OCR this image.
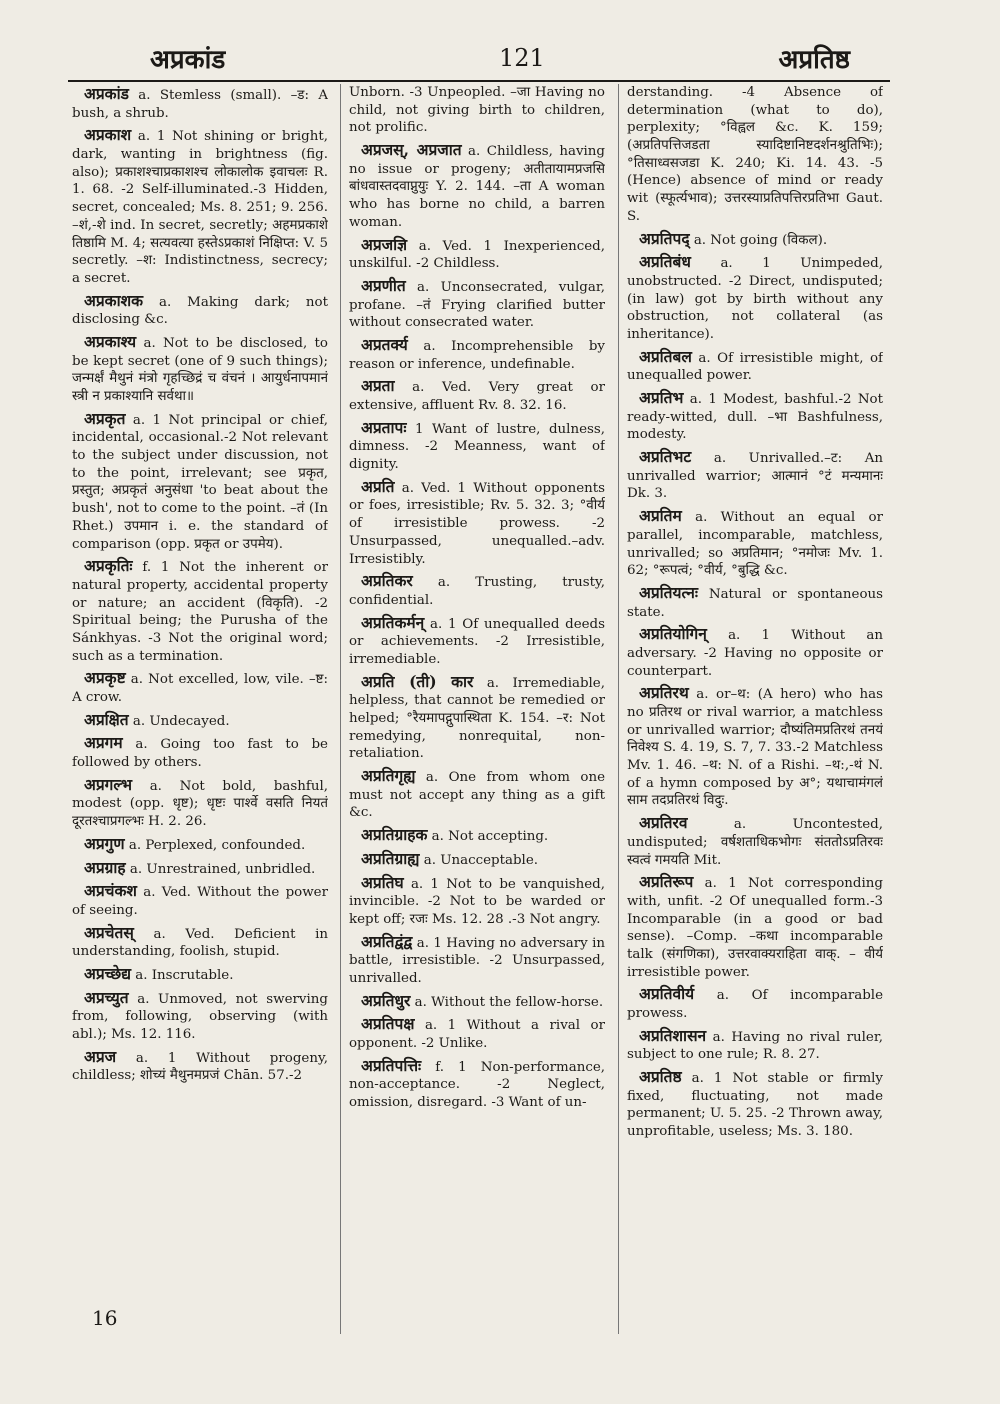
अप्रकांड	121	अप्रतिष्ठ

अप्रकांड a. Stemless (small). –ड: A bush, a shrub.

अप्रकाश a. 1 Not shining or bright, dark, wanting in brightness (fig. also); प्रकाशश्चाप्रकाशश्च लोकालोक इवाचलः R. 1. 68. -2 Self-illuminated.-3 Hidden, secret, concealed; Ms. 8. 251; 9. 256. –शं,-शे ind. In secret, secretly; अहमप्रकाशे तिष्ठामि M. 4; सत्यवत्या हस्तेऽप्रकाशं निक्षिप्त: V. 5 secretly. –श: Indistinctness, secrecy; a secret.

अप्रकाशक a. Making dark; not disclosing &c.

अप्रकाश्य a. Not to be disclosed, to be kept secret (one of 9 such things); जन्मर्क्षं मैथुनं मंत्रो गृहच्छिद्रं च वंचनं । आयुर्धनापमानं स्त्री न प्रकाश्यानि सर्वथा॥

अप्रकृत a. 1 Not principal or chief, incidental, occasional.-2 Not relevant to the subject under discussion, not to the point, irrelevant; see प्रकृत, प्रस्तुत; अप्रकृतं अनुसंधा 'to beat about the bush', not to come to the point. –तं (In Rhet.) उपमान i. e. the standard of comparison (opp. प्रकृत or उपमेय).

अप्रकृतिः f. 1 Not the inherent or natural property, accidental property or nature; an accident (विकृति). -2 Spiritual being; the Purusha of the Sánkhyas. -3 Not the original word; such as a termination.

अप्रकृष्ट a. Not excelled, low, vile. –ष्ट: A crow.

अप्रक्षित a. Undecayed.

अप्रगम a. Going too fast to be followed by others.

अप्रगल्भ a. Not bold, bashful, modest (opp. धृष्ट); धृष्टः पार्श्वे वसति नियतं दूरतश्चाप्रगल्भः H. 2. 26.

अप्रगुण a. Perplexed, confounded.

अप्रग्राह a. Unrestrained, unbridled.

अप्रचंकश a. Ved. Without the power of seeing.

अप्रचेतस् a. Ved. Deficient in understanding, foolish, stupid.

अप्रच्छेद्य a. Inscrutable.

अप्रच्युत a. Unmoved, not swerving from, following, observing (with abl.); Ms. 12. 116.

अप्रज a. 1 Without progeny, childless; शोच्यं मैथुनमप्रजं Chān. 57.-2

Unborn. -3 Unpeopled. –जा Having no child, not giving birth to children, not prolific.

अप्रजस्, अप्रजात a. Childless, having no issue or progeny; अतीतायामप्रजसि बांधवास्तदवाप्नुयुः Y. 2. 144. –ता A woman who has borne no child, a barren woman.

अप्रजज्ञि a. Ved. 1 Inexperienced, unskilful. -2 Childless.

अप्रणीत a. Unconsecrated, vulgar, profane. –तं Frying clarified butter without consecrated water.

अप्रतर्क्य a. Incomprehensible by reason or inference, undefinable.

अप्रता a. Ved. Very great or extensive, affluent Rv. 8. 32. 16.

अप्रतापः 1 Want of lustre, dulness, dimness. -2 Meanness, want of dignity.

अप्रति a. Ved. 1 Without opponents or foes, irresistible; Rv. 5. 32. 3; °वीर्य of irresistible prowess. -2 Unsurpassed, unequalled.–adv. Irresistibly.

अप्रतिकर a. Trusting, trusty, confidential.

अप्रतिकर्मन् a. 1 Of unequalled deeds or achievements. -2 Irresistible, irremediable.

अप्रति (ती) कार a. Irremediable, helpless, that cannot be remedied or helped; °रैयमापद्गुपास्थिता K. 154. –र: Not remedying, nonrequital, non-retaliation.

अप्रतिगृह्य a. One from whom one must not accept any thing as a gift &c.

अप्रतिग्राहक a. Not accepting.

अप्रतिग्राह्य a. Unacceptable.

अप्रतिघ a. 1 Not to be vanquished, invincible. -2 Not to be warded or kept off; रजः Ms. 12. 28 .-3 Not angry.

अप्रतिद्वंद्व a. 1 Having no adversary in battle, irresistible. -2 Unsurpassed, unrivalled.

अप्रतिधुर a. Without the fellow-horse.

अप्रतिपक्ष a. 1 Without a rival or opponent. -2 Unlike.

अप्रतिपत्तिः f. 1 Non-performance, non-acceptance. -2 Neglect, omission, disregard. -3 Want of un-

derstanding. -4 Absence of determination (what to do), perplexity; °विह्वल &c. K. 159; (अप्रतिपत्तिजडता स्यादिष्टानिष्टदर्शनश्रुतिभिः); °तिसाध्वसजडा K. 240; Ki. 14. 43. -5 (Hence) absence of mind or ready wit (स्फूर्त्यभाव); उत्तरस्याप्रतिपत्तिरप्रतिभा Gaut. S.

अप्रतिपद् a. Not going (विकल).

अप्रतिबंध a. 1 Unimpeded, unobstructed. -2 Direct, undisputed; (in law) got by birth without any obstruction, not collateral (as inheritance).

अप्रतिबल a. Of irresistible might, of unequalled power.

अप्रतिभ a. 1 Modest, bashful.-2 Not ready-witted, dull. –भा Bashfulness, modesty.

अप्रतिभट a. Unrivalled.–ट: An unrivalled warrior; आत्मानं °टं मन्यमानः Dk. 3.

अप्रतिम a. Without an equal or parallel, incomparable, matchless, unrivalled; so अप्रतिमान; °नमोजः Mv. 1. 62; °रूपत्वं; °वीर्य, °बुद्धि &c.

अप्रतियत्नः Natural or spontaneous state.

अप्रतियोगिन् a. 1 Without an adversary. -2 Having no opposite or counterpart.

अप्रतिरथ a. or–थ: (A hero) who has no प्रतिरथ or rival warrior, a matchless or unrivalled warrior; दौष्यंतिमप्रतिरथं तनयं निवेश्य S. 4. 19, S. 7, 7. 33.-2 Matchless Mv. 1. 46. –थ: N. of a Rishi. –थ:,-थं N. of a hymn composed by अ°; यथाचामंगलं साम तदप्रतिरथं विदुः.

अप्रतिरव	a. Uncontested, undisputed; वर्षशताधिकभोगः संततोऽप्रतिरवः स्वत्वं गमयति Mit.

अप्रतिरूप a. 1 Not corresponding with, unfit. -2 Of unequalled form.-3 Incomparable (in a good or bad sense). –Comp. –कथा incomparable talk (संगणिका), उत्तरवाक्यराहिता वाक्. – वीर्य irresistible power.

अप्रतिवीर्य a. Of incomparable prowess.

अप्रतिशासन a. Having no rival ruler, subject to one rule; R. 8. 27.

अप्रतिष्ठ a. 1 Not stable or firmly fixed, fluctuating, not made permanent; U. 5. 25. -2 Thrown away, unprofitable, useless; Ms. 3. 180.

16
